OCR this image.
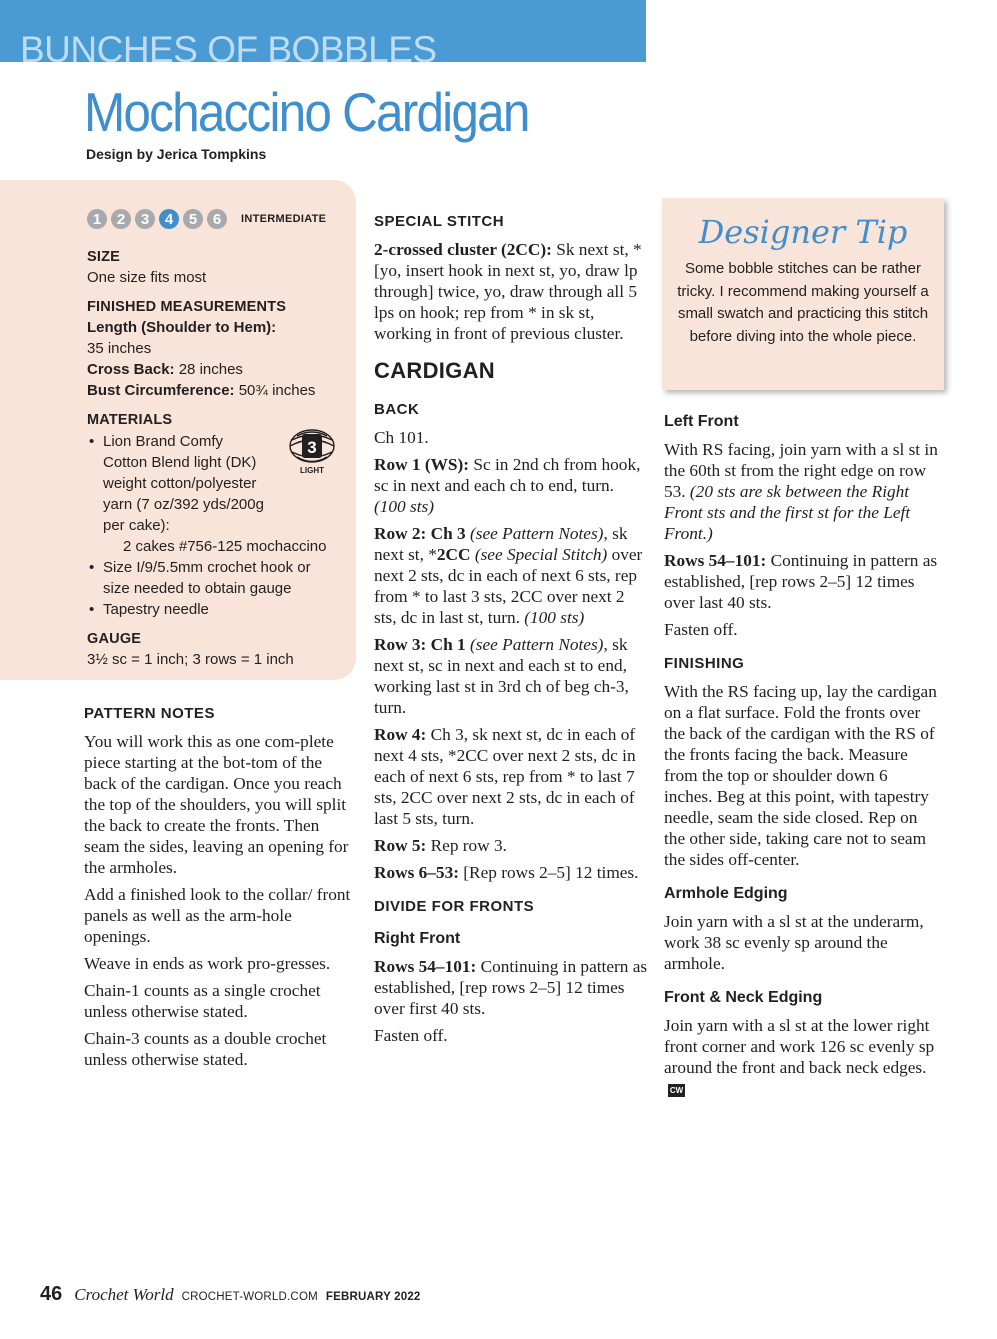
BUNCHES OF BOBBLES
Mochaccino Cardigan
Design by Jerica Tompkins
1	2	3	4	5	6	INTERMEDIATE
SIZE
One size fits most
FINISHED MEASUREMENTS
Length (Shoulder to Hem):
35 inches
Cross Back: 28 inches
Bust Circumference: 50¾ inches
MATERIALS
• Lion Brand Comfy
Cotton Blend light (DK)
weight cotton/polyester
yarn (7 oz/392 yds/200g
per cake):
2 cakes #756-125 mochaccino
• Size I/9/5.5mm crochet hook or
size needed to obtain gauge
• Tapestry needle
GAUGE
3½ sc = 1 inch; 3 rows = 1 inch
3
LIGHT
PATTERN NOTES

You will work this as one com-plete piece starting at the bot-tom of the back of the cardigan. Once you reach the top of the shoulders, you will split the back to create the fronts. Then seam the sides, leaving an opening for the armholes.

Add a finished look to the collar/ front panels as well as the arm-hole openings.

Weave in ends as work pro-gresses.

Chain-1 counts as a single crochet unless otherwise stated.

Chain-3 counts as a double crochet unless otherwise stated.

SPECIAL STITCH

2-crossed cluster (2CC): Sk next st, *[yo, insert hook in next st, yo, draw lp through] twice, yo, draw through all 5 lps on hook; rep from * in sk st, working in front of previous cluster.

CARDIGAN
BACK

Ch 101.

Row 1 (WS): Sc in 2nd ch from hook, sc in next and each ch to end, turn. (100 sts)

Row 2: Ch 3 (see Pattern Notes), sk next st, *2CC (see Special Stitch) over next 2 sts, dc in each of next 6 sts, rep from * to last 3 sts, 2CC over next 2 sts, dc in last st, turn. (100 sts)

Row 3: Ch 1 (see Pattern Notes), sk next st, sc in next and each st to end, working last st in 3rd ch of beg ch-3, turn.

Row 4: Ch 3, sk next st, dc in each of next 4 sts, *2CC over next 2 sts, dc in each of next 6 sts, rep from * to last 7 sts, 2CC over next 2 sts, dc in each of last 5 sts, turn.

Row 5: Rep row 3.

Rows 6–53: [Rep rows 2–5] 12 times.

DIVIDE FOR FRONTS
Right Front

Rows 54–101: Continuing in pattern as established, [rep rows 2–5] 12 times over first 40 sts.

Fasten off.

Designer Tip
Some bobble stitches can be rather tricky. I recommend making yourself a small swatch and practicing this stitch before diving into the whole piece.
Left Front

With RS facing, join yarn with a sl st in the 60th st from the right edge on row 53. (20 sts are sk between the Right Front sts and the first st for the Left Front.)

Rows 54–101: Continuing in pattern as established, [rep rows 2–5] 12 times over last 40 sts.

Fasten off.

FINISHING

With the RS facing up, lay the cardigan on a flat surface. Fold the fronts over the back of the cardigan with the RS of the fronts facing the back. Measure from the top or shoulder down 6 inches. Beg at this point, with tapestry needle, seam the side closed. Rep on the other side, taking care not to seam the sides off-center.

Armhole Edging

Join yarn with a sl st at the underarm, work 38 sc evenly sp around the armhole.

Front & Neck Edging

Join yarn with a sl st at the lower right front corner and work 126 sc evenly sp around the front and back neck edges.CW

46 Crochet World CROCHET-WORLD.COM FEBRUARY 2022
